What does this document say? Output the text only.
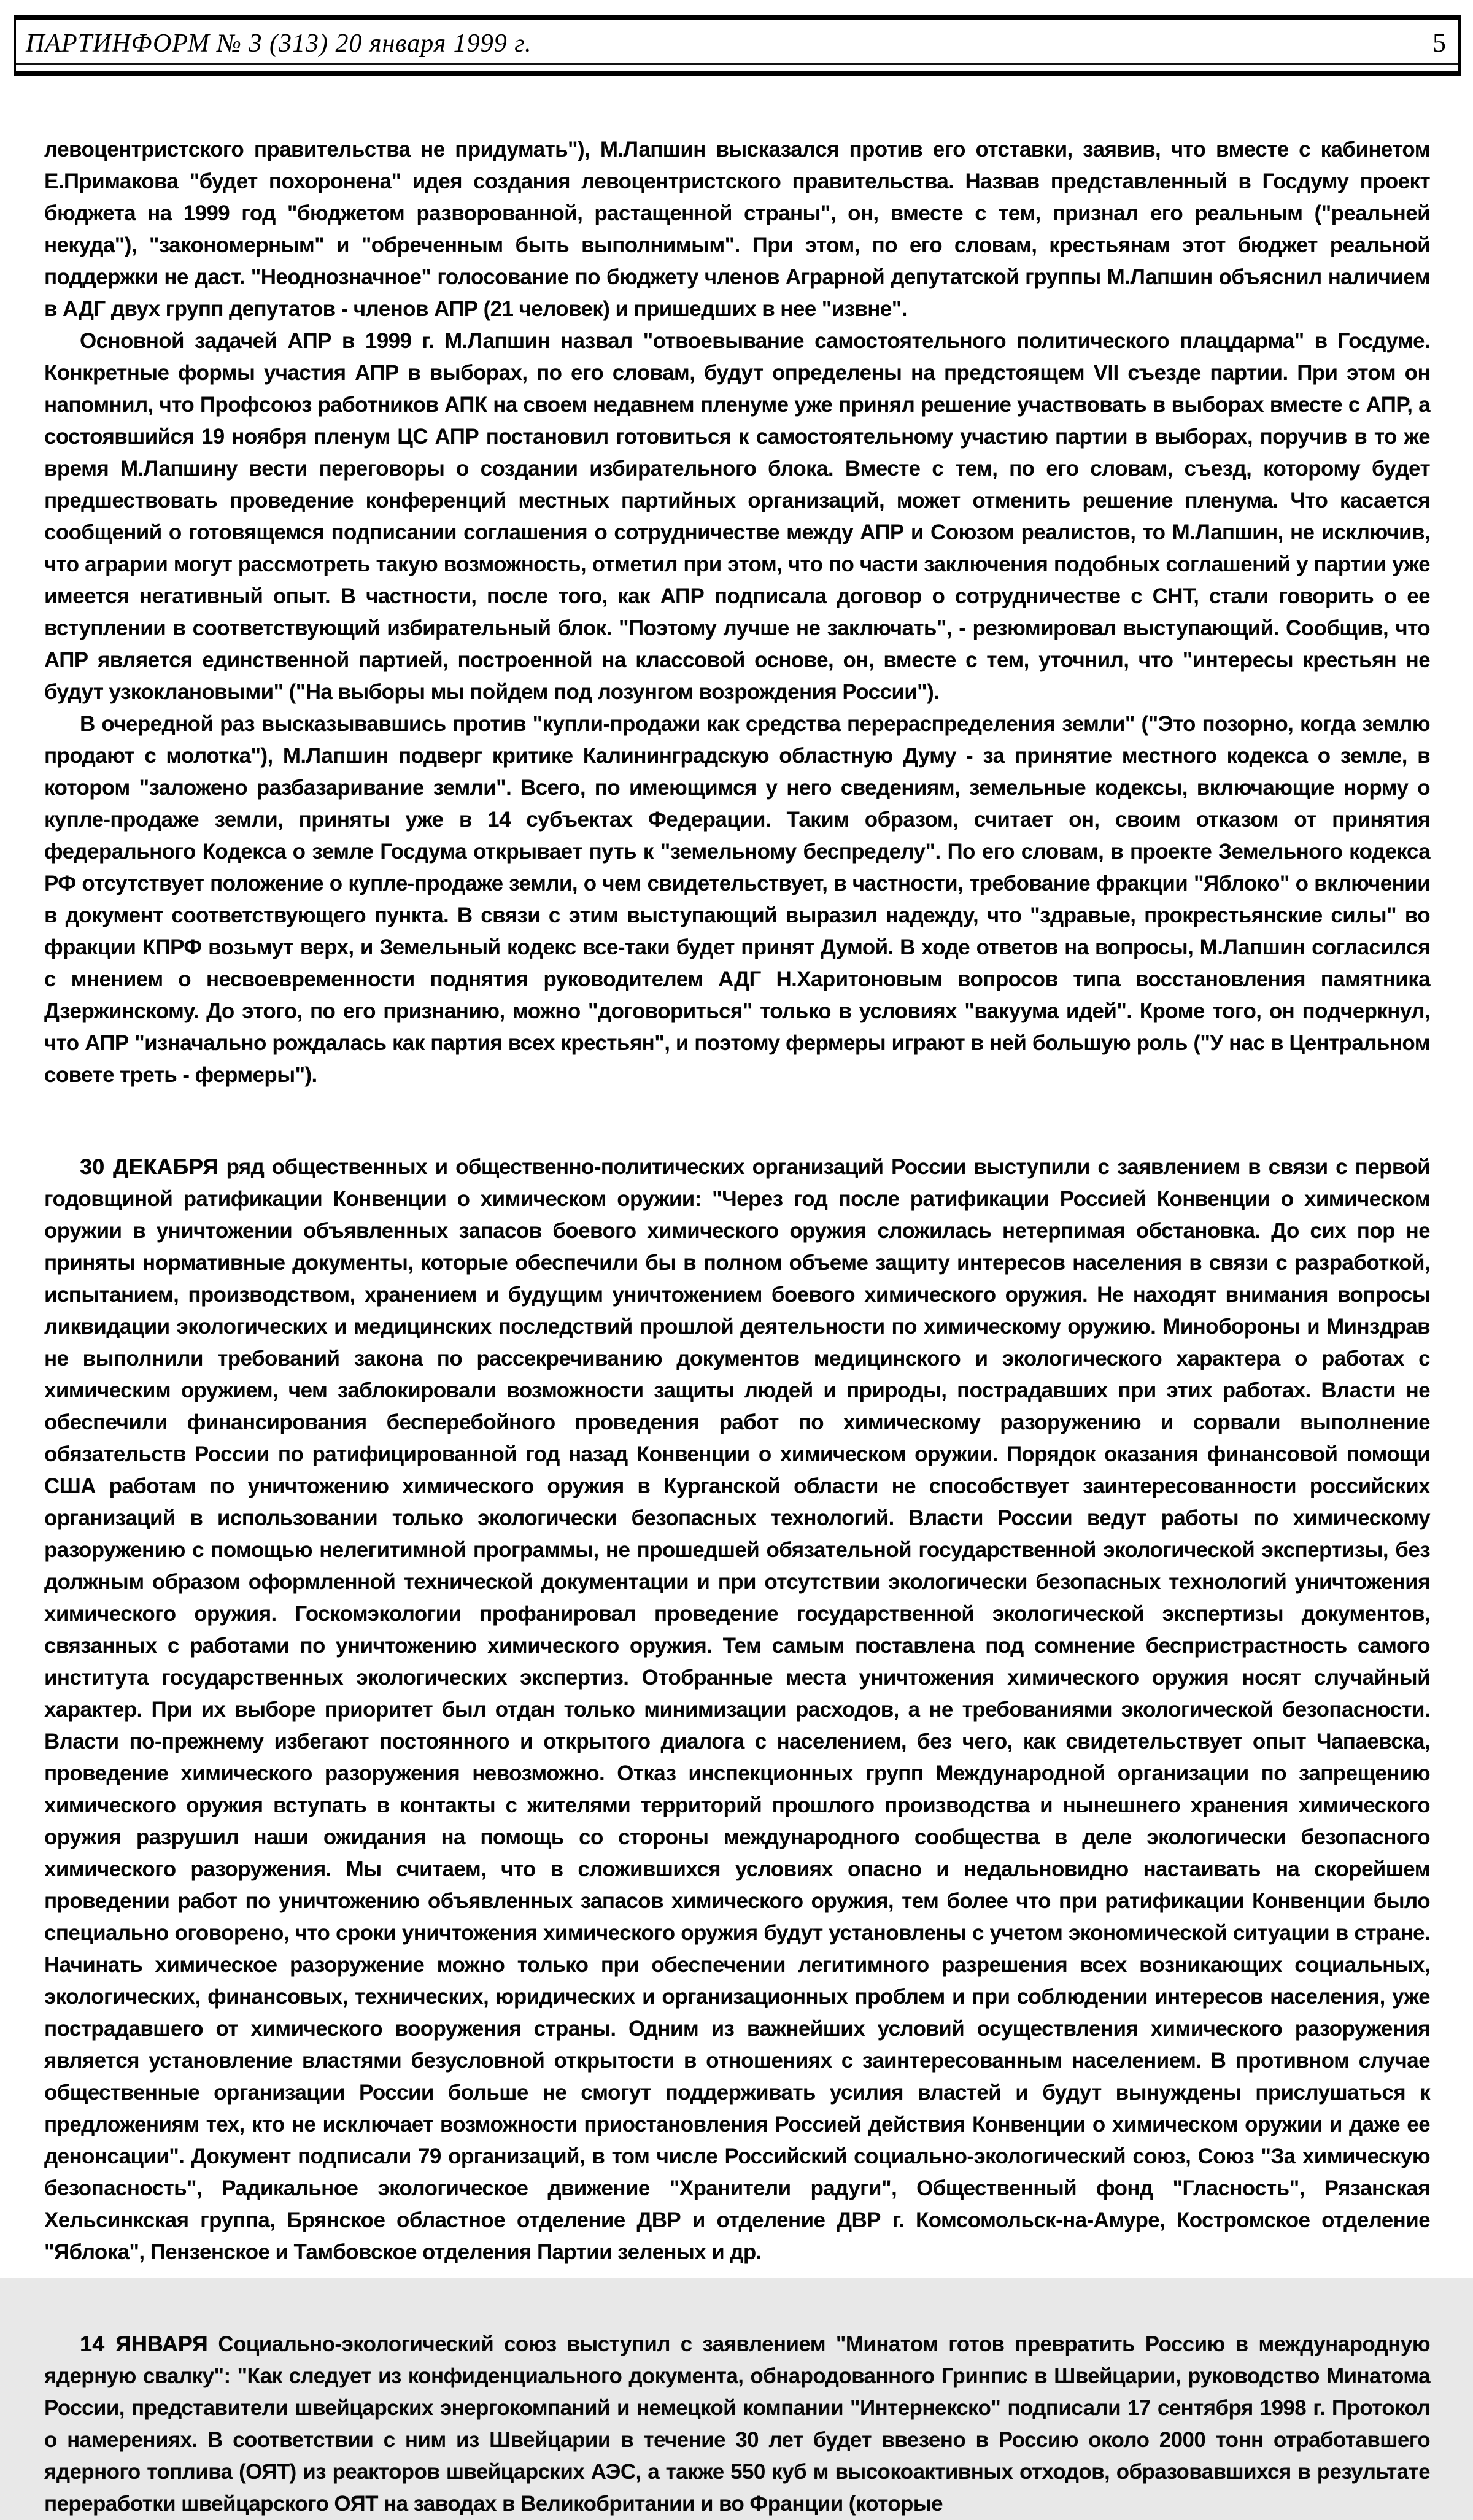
ПАРТИНФОРМ № 3 (313) 20 января 1999 г.	5

левоцентристского правительства не придумать"), М.Лапшин высказался против его отставки, заявив, что вместе с кабинетом Е.Примакова "будет похоронена" идея создания левоцентристского правительства. Назвав представленный в Госдуму проект бюджета на 1999 год "бюджетом разворованной, растащенной страны", он, вместе с тем, признал его реальным ("реальней некуда"), "закономерным" и "обреченным быть выполнимым". При этом, по его словам, крестьянам этот бюджет реальной поддержки не даст. "Неоднозначное" голосование по бюджету членов Аграрной депутатской группы М.Лапшин объяснил наличием в АДГ двух групп депутатов - членов АПР (21 человек) и пришедших в нее "извне".

Основной задачей АПР в 1999 г. М.Лапшин назвал "отвоевывание самостоятельного политического плацдарма" в Госдуме. Конкретные формы участия АПР в выборах, по его словам, будут определены на предстоящем VII съезде партии. При этом он напомнил, что Профсоюз работников АПК на своем недавнем пленуме уже принял решение участвовать в выборах вместе с АПР, а состоявшийся 19 ноября пленум ЦС АПР постановил готовиться к самостоятельному участию партии в выборах, поручив в то же время М.Лапшину вести переговоры о создании избирательного блока. Вместе с тем, по его словам, съезд, которому будет предшествовать проведение конференций местных партийных организаций, может отменить решение пленума. Что касается сообщений о готовящемся подписании соглашения о сотрудничестве между АПР и Союзом реалистов, то М.Лапшин, не исключив, что аграрии могут рассмотреть такую возможность, отметил при этом, что по части заключения подобных соглашений у партии уже имеется негативный опыт. В частности, после того, как АПР подписала договор о сотрудничестве с СНТ, стали говорить о ее вступлении в соответствующий избирательный блок. "Поэтому лучше не заключать", - резюмировал выступающий. Сообщив, что АПР является единственной партией, построенной на классовой основе, он, вместе с тем, уточнил, что "интересы крестьян не будут узкоклановыми" ("На выборы мы пойдем под лозунгом возрождения России").

В очередной раз высказывавшись против "купли-продажи как средства перераспределения земли" ("Это позорно, когда землю продают с молотка"), М.Лапшин подверг критике Калининградскую областную Думу - за принятие местного кодекса о земле, в котором "заложено разбазаривание земли". Всего, по имеющимся у него сведениям, земельные кодексы, включающие норму о купле-продаже земли, приняты уже в 14 субъектах Федерации. Таким образом, считает он, своим отказом от принятия федерального Кодекса о земле Госдума открывает путь к "земельному беспределу". По его словам, в проекте Земельного кодекса РФ отсутствует положение о купле-продаже земли, о чем свидетельствует, в частности, требование фракции "Яблоко" о включении в документ соответствующего пункта. В связи с этим выступающий выразил надежду, что "здравые, прокрестьянские силы" во фракции КПРФ возьмут верх, и Земельный кодекс все-таки будет принят Думой. В ходе ответов на вопросы, М.Лапшин согласился с мнением о несвоевременности поднятия руководителем АДГ Н.Харитоновым вопросов типа восстановления памятника Дзержинскому. До этого, по его признанию, можно "договориться" только в условиях "вакуума идей". Кроме того, он подчеркнул, что АПР "изначально рождалась как партия всех крестьян", и поэтому фермеры играют в ней большую роль ("У нас в Центральном совете треть - фермеры").

30 ДЕКАБРЯ ряд общественных и общественно-политических организаций России выступили с заявлением в связи с первой годовщиной ратификации Конвенции о химическом оружии: "Через год после ратификации Россией Конвенции о химическом оружии в уничтожении объявленных запасов боевого химического оружия сложилась нетерпимая обстановка. До сих пор не приняты нормативные документы, которые обеспечили бы в полном объеме защиту интересов населения в связи с разработкой, испытанием, производством, хранением и будущим уничтожением боевого химического оружия. Не находят внимания вопросы ликвидации экологических и медицинских последствий прошлой деятельности по химическому оружию. Минобороны и Минздрав не выполнили требований закона по рассекречиванию документов медицинского и экологического характера о работах с химическим оружием, чем заблокировали возможности защиты людей и природы, пострадавших при этих работах. Власти не обеспечили финансирования бесперебойного проведения работ по химическому разоружению и сорвали выполнение обязательств России по ратифицированной год назад Конвенции о химическом оружии. Порядок оказания финансовой помощи США работам по уничтожению химического оружия в Курганской области не способствует заинтересованности российских организаций в использовании только экологически безопасных технологий. Власти России ведут работы по химическому разоружению с помощью нелегитимной программы, не прошедшей обязательной государственной экологической экспертизы, без должным образом оформленной технической документации и при отсутствии экологически безопасных технологий уничтожения химического оружия. Госкомэкологии профанировал проведение государственной экологической экспертизы документов, связанных с работами по уничтожению химического оружия. Тем самым поставлена под сомнение беспристрастность самого института государственных экологических экспертиз. Отобранные места уничтожения химического оружия носят случайный характер. При их выборе приоритет был отдан только минимизации расходов, а не требованиями экологической безопасности. Власти по-прежнему избегают постоянного и открытого диалога с населением, без чего, как свидетельствует опыт Чапаевска, проведение химического разоружения невозможно. Отказ инспекционных групп Международной организации по запрещению химического оружия вступать в контакты с жителями территорий прошлого производства и нынешнего хранения химического оружия разрушил наши ожидания на помощь со стороны международного сообщества в деле экологически безопасного химического разоружения. Мы считаем, что в сложившихся условиях опасно и недальновидно настаивать на скорейшем проведении работ по уничтожению объявленных запасов химического оружия, тем более что при ратификации Конвенции было специально оговорено, что сроки уничтожения химического оружия будут установлены с учетом экономической ситуации в стране. Начинать химическое разоружение можно только при обеспечении легитимного разрешения всех возникающих социальных, экологических, финансовых, технических, юридических и организационных проблем и при соблюдении интересов населения, уже пострадавшего от химического вооружения страны. Одним из важнейших условий осуществления химического разоружения является установление властями безусловной открытости в отношениях с заинтересованным населением. В противном случае общественные организации России больше не смогут поддерживать усилия властей и будут вынуждены прислушаться к предложениям тех, кто не исключает возможности приостановления Россией действия Конвенции о химическом оружии и даже ее денонсации". Документ подписали 79 организаций, в том числе Российский социально-экологический союз, Союз "За химическую безопасность", Радикальное экологическое движение "Хранители радуги", Общественный фонд "Гласность", Рязанская Хельсинкская группа, Брянское областное отделение ДВР и отделение ДВР г. Комсомольск-на-Амуре, Костромское отделение "Яблока", Пензенское и Тамбовское отделения Партии зеленых и др.

14 ЯНВАРЯ Социально-экологический союз выступил с заявлением "Минатом готов превратить Россию в международную ядерную свалку": "Как следует из конфиденциального документа, обнародованного Гринпис в Швейцарии, руководство Минатома России, представители швейцарских энергокомпаний и немецкой компании "Интернекско" подписали 17 сентября 1998 г. Протокол о намерениях. В соответствии с ним из Швейцарии в течение 30 лет будет ввезено в Россию около 2000 тонн отработавшего ядерного топлива (ОЯТ) из реакторов швейцарских АЭС, а также 550 куб м высокоактивных отходов, образовавшихся в результате переработки швейцарского ОЯТ на заводах в Великобритании и во Франции (которые
